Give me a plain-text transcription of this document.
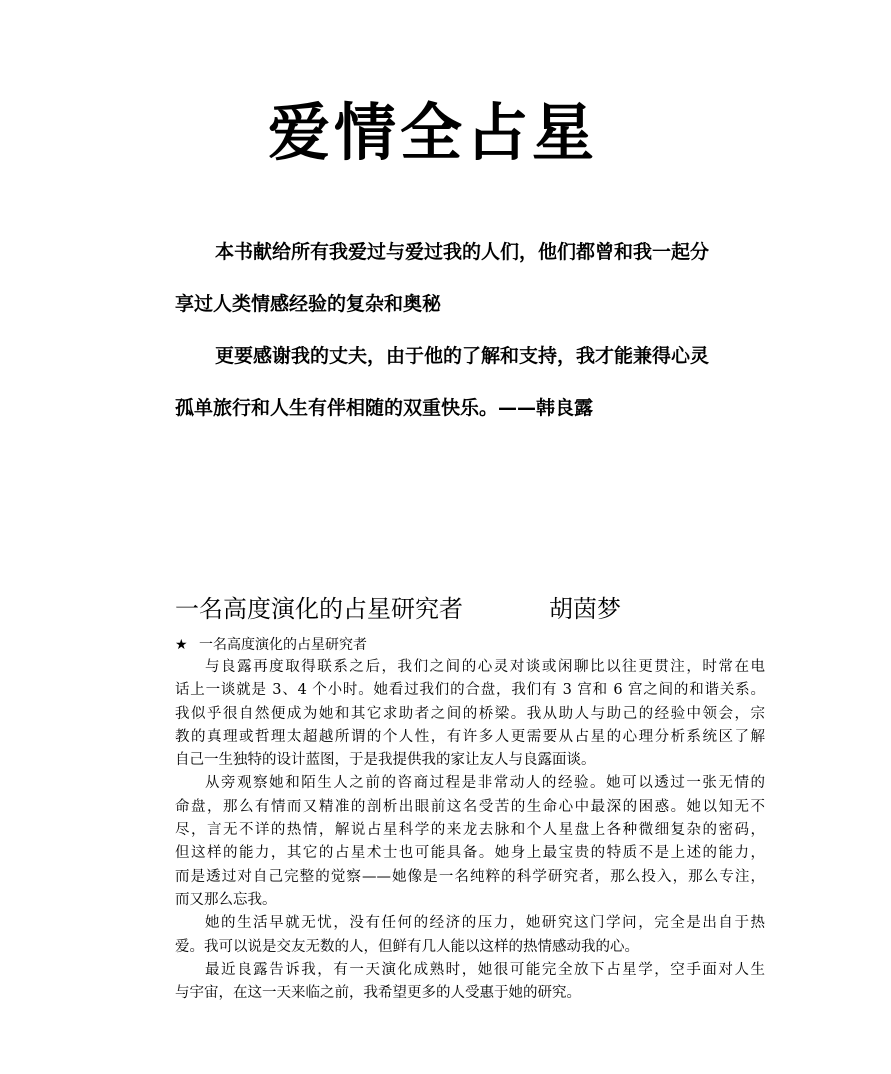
爱情全占星
本书献给所有我爱过与爱过我的人们，他们都曾和我一起分
享过人类情感经验的复杂和奥秘
更要感谢我的丈夫，由于他的了解和支持，我才能兼得心灵
孤单旅行和人生有伴相随的双重快乐。——韩良露
一名高度演化的占星研究者	胡茵梦
★ 一名高度演化的占星研究者
与良露再度取得联系之后，我们之间的心灵对谈或闲聊比以往更贯注，时常在电
话上一谈就是 3、4 个小时。她看过我们的合盘，我们有 3 宫和 6 宫之间的和谐关系。
我似乎很自然便成为她和其它求助者之间的桥梁。我从助人与助己的经验中领会，宗
教的真理或哲理太超越所谓的个人性，有许多人更需要从占星的心理分析系统区了解
自己一生独特的设计蓝图，于是我提供我的家让友人与良露面谈。
从旁观察她和陌生人之前的咨商过程是非常动人的经验。她可以透过一张无情的
命盘，那么有情而又精准的剖析出眼前这名受苦的生命心中最深的困惑。她以知无不
尽，言无不详的热情，解说占星科学的来龙去脉和个人星盘上各种微细复杂的密码，
但这样的能力，其它的占星术士也可能具备。她身上最宝贵的特质不是上述的能力，
而是透过对自己完整的觉察——她像是一名纯粹的科学研究者，那么投入，那么专注，
而又那么忘我。
她的生活早就无忧，没有任何的经济的压力，她研究这门学问，完全是出自于热
爱。我可以说是交友无数的人，但鲜有几人能以这样的热情感动我的心。
最近良露告诉我，有一天演化成熟时，她很可能完全放下占星学，空手面对人生
与宇宙，在这一天来临之前，我希望更多的人受惠于她的研究。
